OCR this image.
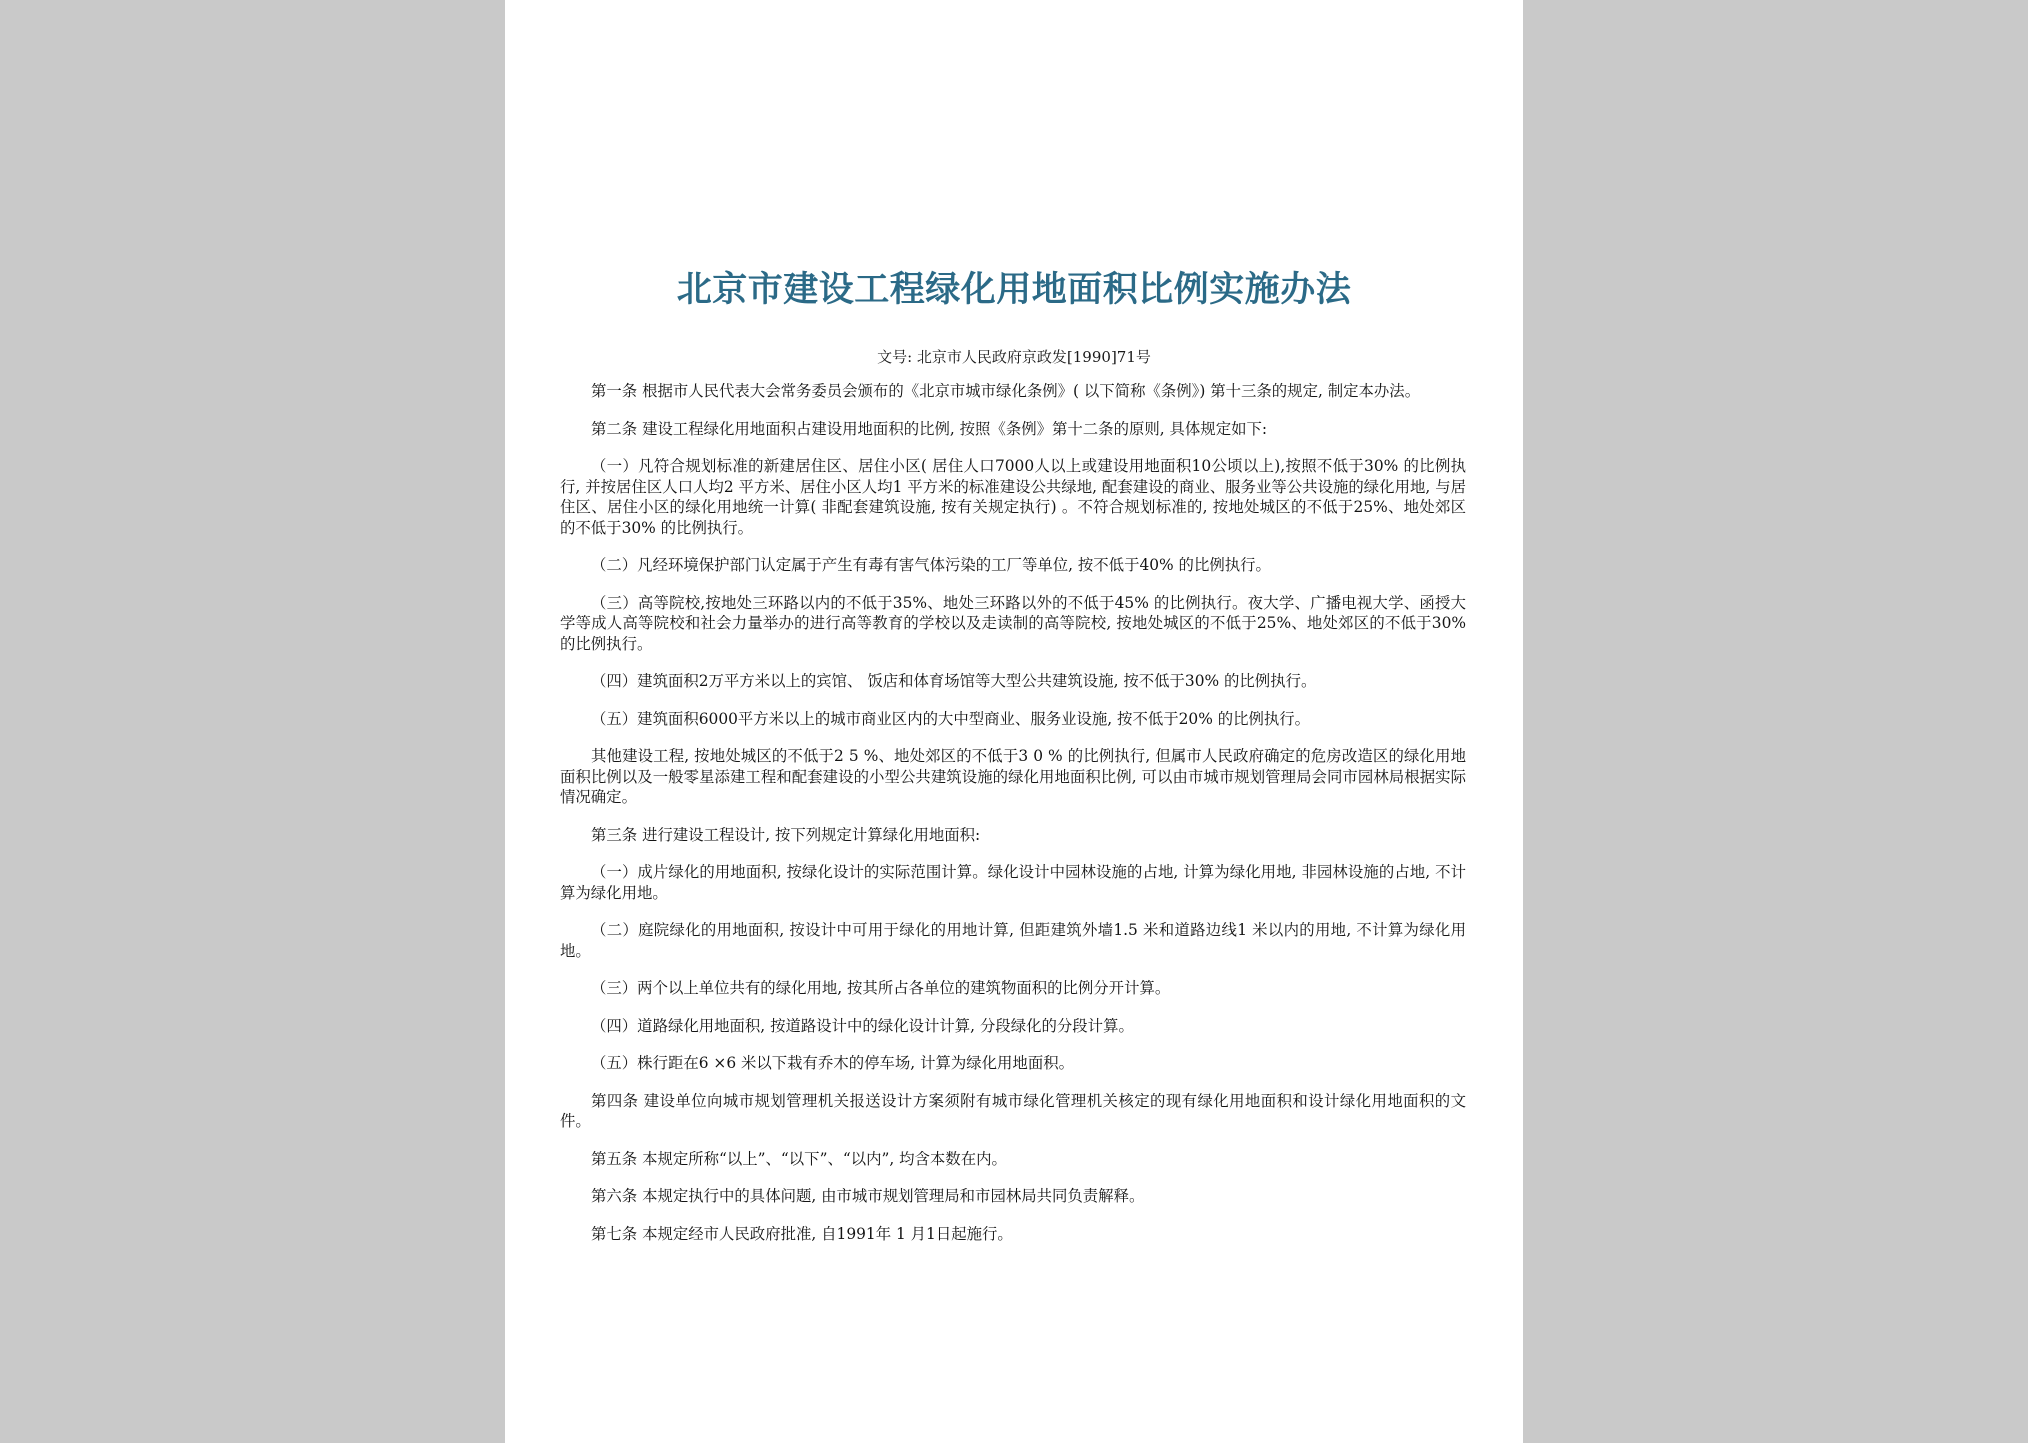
北京市建设工程绿化用地面积比例实施办法
文号: 北京市人民政府京政发[1990]71号

第一条 根据市人民代表大会常务委员会颁布的《北京市城市绿化条例》( 以下简称《条例》) 第十三条的规定, 制定本办法。

第二条 建设工程绿化用地面积占建设用地面积的比例, 按照《条例》第十二条的原则, 具体规定如下:

（一）凡符合规划标准的新建居住区、居住小区( 居住人口7000人以上或建设用地面积10公顷以上),按照不低于30% 的比例执行, 并按居住区人口人均2 平方米、居住小区人均1 平方米的标准建设公共绿地, 配套建设的商业、服务业等公共设施的绿化用地, 与居住区、居住小区的绿化用地统一计算( 非配套建筑设施, 按有关规定执行) 。不符合规划标准的, 按地处城区的不低于25%、地处郊区的不低于30% 的比例执行。

（二）凡经环境保护部门认定属于产生有毒有害气体污染的工厂等单位, 按不低于40% 的比例执行。

（三）高等院校,按地处三环路以内的不低于35%、地处三环路以外的不低于45% 的比例执行。夜大学、广播电视大学、函授大学等成人高等院校和社会力量举办的进行高等教育的学校以及走读制的高等院校, 按地处城区的不低于25%、地处郊区的不低于30% 的比例执行。

（四）建筑面积2万平方米以上的宾馆、 饭店和体育场馆等大型公共建筑设施, 按不低于30% 的比例执行。

（五）建筑面积6000平方米以上的城市商业区内的大中型商业、服务业设施, 按不低于20% 的比例执行。

其他建设工程, 按地处城区的不低于2 5 %、地处郊区的不低于3 0 % 的比例执行, 但属市人民政府确定的危房改造区的绿化用地面积比例以及一般零星添建工程和配套建设的小型公共建筑设施的绿化用地面积比例, 可以由市城市规划管理局会同市园林局根据实际情况确定。

第三条 进行建设工程设计, 按下列规定计算绿化用地面积:

（一）成片绿化的用地面积, 按绿化设计的实际范围计算。绿化设计中园林设施的占地, 计算为绿化用地, 非园林设施的占地, 不计算为绿化用地。

（二）庭院绿化的用地面积, 按设计中可用于绿化的用地计算, 但距建筑外墙1.5 米和道路边线1 米以内的用地, 不计算为绿化用地。

（三）两个以上单位共有的绿化用地, 按其所占各单位的建筑物面积的比例分开计算。

（四）道路绿化用地面积, 按道路设计中的绿化设计计算, 分段绿化的分段计算。

（五）株行距在6 ×6 米以下栽有乔木的停车场, 计算为绿化用地面积。

第四条 建设单位向城市规划管理机关报送设计方案须附有城市绿化管理机关核定的现有绿化用地面积和设计绿化用地面积的文件。

第五条 本规定所称“以上”、“以下”、“以内”, 均含本数在内。

第六条 本规定执行中的具体问题, 由市城市规划管理局和市园林局共同负责解释。

第七条 本规定经市人民政府批准, 自1991年 1 月1日起施行。
